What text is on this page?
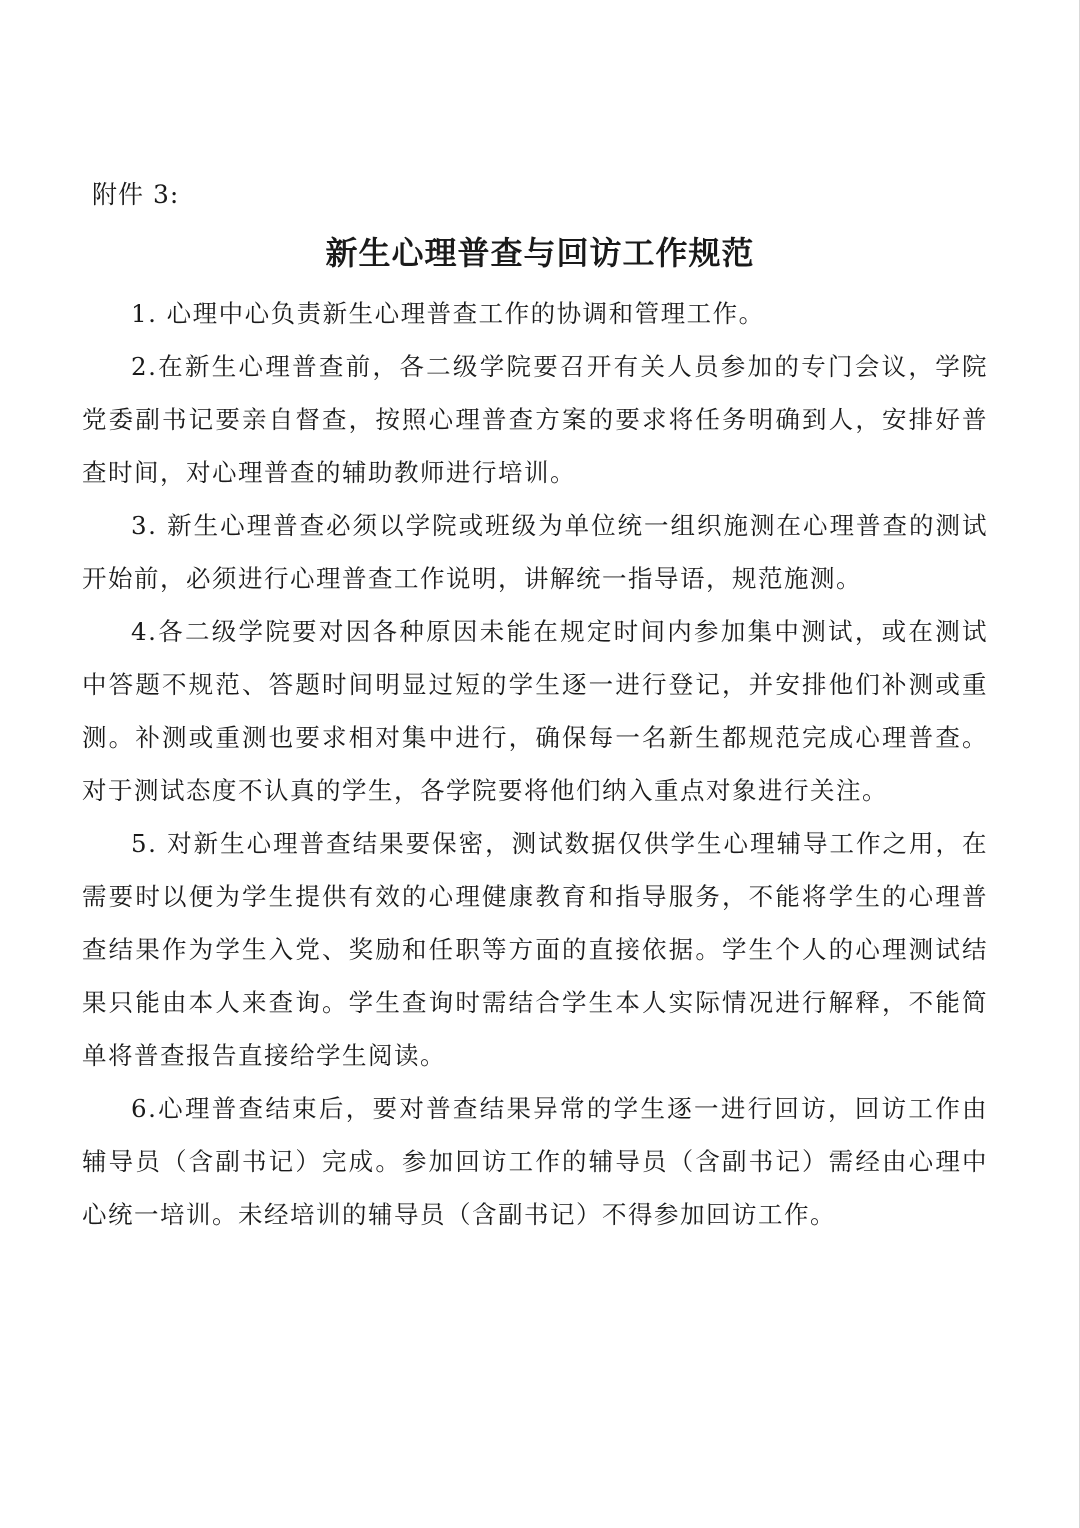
附件 3:
新生心理普查与回访工作规范

1. 心理中心负责新生心理普查工作的协调和管理工作。

2.在新生心理普查前，各二级学院要召开有关人员参加的专门会议，学院党委副书记要亲自督查，按照心理普查方案的要求将任务明确到人，安排好普查时间，对心理普查的辅助教师进行培训。

3. 新生心理普查必须以学院或班级为单位统一组织施测在心理普查的测试开始前，必须进行心理普查工作说明，讲解统一指导语，规范施测。

4.各二级学院要对因各种原因未能在规定时间内参加集中测试，或在测试中答题不规范、答题时间明显过短的学生逐一进行登记，并安排他们补测或重测。补测或重测也要求相对集中进行，确保每一名新生都规范完成心理普查。对于测试态度不认真的学生，各学院要将他们纳入重点对象进行关注。

5. 对新生心理普查结果要保密，测试数据仅供学生心理辅导工作之用，在需要时以便为学生提供有效的心理健康教育和指导服务，不能将学生的心理普查结果作为学生入党、奖励和任职等方面的直接依据。学生个人的心理测试结果只能由本人来查询。学生查询时需结合学生本人实际情况进行解释，不能简单将普查报告直接给学生阅读。

6.心理普查结束后，要对普查结果异常的学生逐一进行回访，回访工作由辅导员（含副书记）完成。参加回访工作的辅导员（含副书记）需经由心理中心统一培训。未经培训的辅导员（含副书记）不得参加回访工作。
